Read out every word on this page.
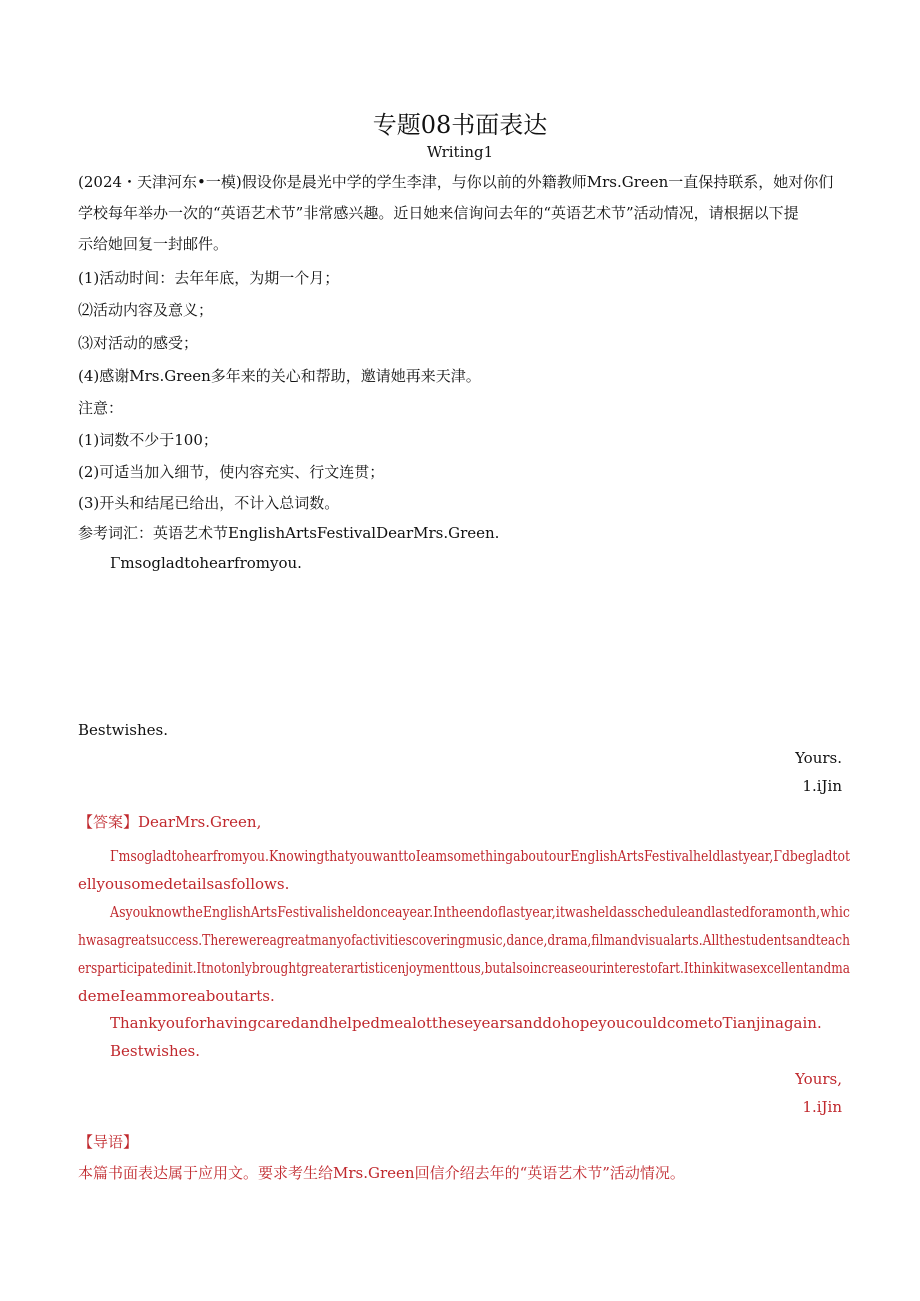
专题08书面表达
Writing1
(2024・天津河东•一模)假设你是晨光中学的学生李津，与你以前的外籍教师Mrs.Green一直保持联系，她对你们
学校每年举办一次的“英语艺术节”非常感兴趣。近日她来信询问去年的“英语艺术节”活动情况，请根据以下提
示给她回复一封邮件。
(1)活动时间：去年年底，为期一个月；
⑵活动内容及意义；
⑶对活动的感受；
(4)感谢Mrs.Green多年来的关心和帮助，邀请她再来天津。
注意：
(1)词数不少于100；
(2)可适当加入细节，使内容充实、行文连贯；
(3)开头和结尾已给出，不计入总词数。
参考词汇：英语艺术节EnglishArtsFestivalDearMrs.Green.
Γmsogladtohearfromyou.
Bestwishes.
Yours.
1.iJin
【答案】DearMrs.Green,
Γmsogladtohearfromyou.KnowingthatyouwanttoIeamsomethingaboutourEnglishArtsFestivalheldlastyear,Γdbegladtot
ellyousomedetailsasfollows.
AsyouknowtheEnglishArtsFestivalisheldonceayear.Intheendoflastyear,itwasheldasscheduleandlastedforamonth,whic
hwasagreatsuccess.Therewereagreatmanyofactivitiescoveringmusic,dance,drama,filmandvisualarts.Allthestudentsandteach
ersparticipatedinit.Itnotonlybroughtgreaterartisticenjoymenttous,butalsoincreaseourinterestofart.Ithinkitwasexcellentandma
demeIeammoreaboutarts.
ThankyouforhavingcaredandhelpedmealottheseyearsanddohopeyoucouldcometoTianjinagain.
Bestwishes.
Yours,
1.iJin
【导语】
本篇书面表达属于应用文。要求考生给Mrs.Green回信介绍去年的“英语艺术节”活动情况。
